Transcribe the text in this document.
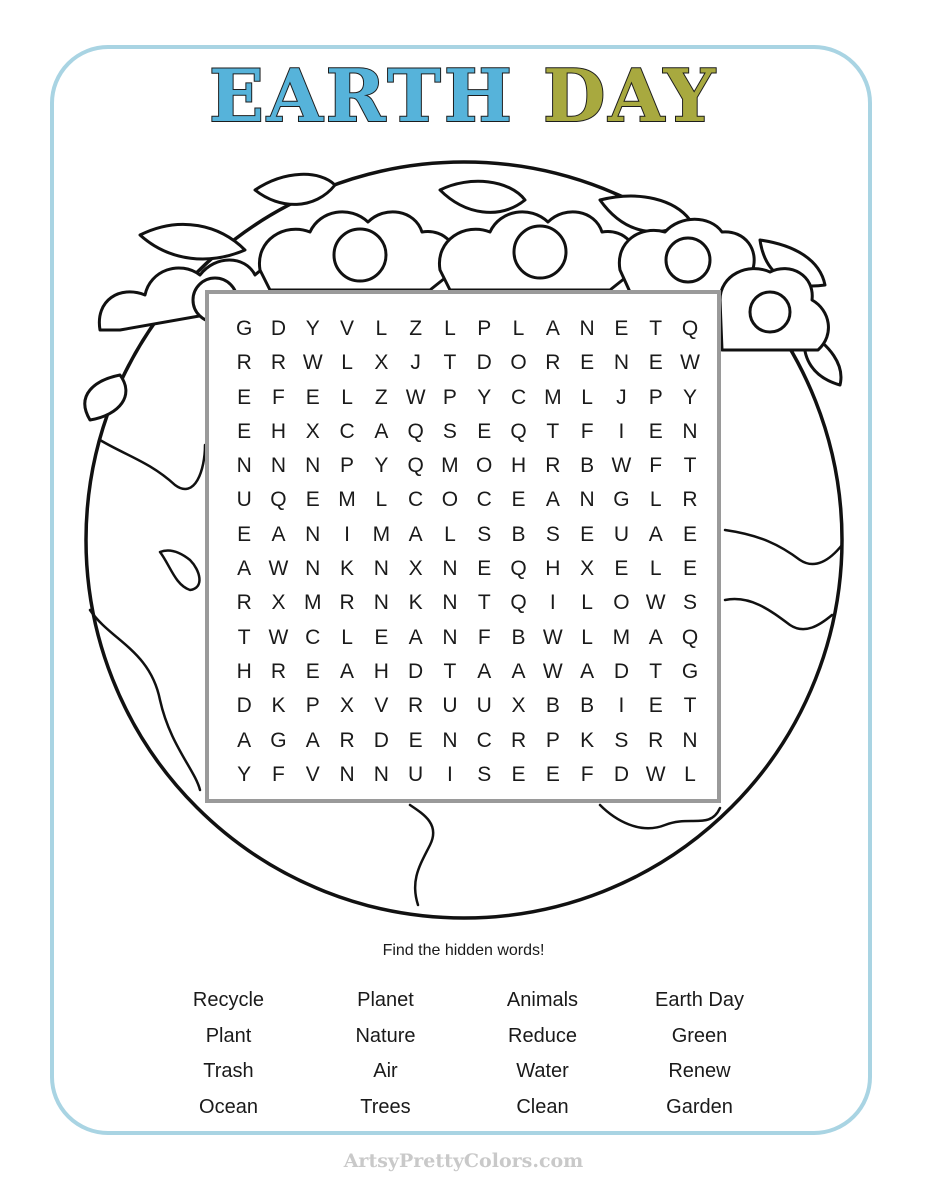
EARTH DAY
G D Y V	L	Z	L	P	L	A N E T Q
R R W L	X	J	T D O R E N E W
E F E	L	Z W P Y C M L	J	P Y
E H X C A Q S E Q T	F	I	E N
N N N P Y Q M O H R B W F	T
U Q E M L C O C E A N G L R
E A N	I	M A	L	S B S E U A E
A W N K N X N E Q H X E	L	E
R X M R N K N T Q	I	L O W S
T W C L	E A N F B W L M A Q
H R E A H D T A A W A D T G
D K P X V R U U X B B	I	E T
A G A R D E N C R P K S R N
Y F V N N U	I	S E E F D W L
Find the hidden words!
Recycle	Planet	Animals	Earth Day
Plant	Nature	Reduce	Green
Trash	Air	Water	Renew
Ocean	Trees	Clean	Garden
ArtsyPrettyColors.com
